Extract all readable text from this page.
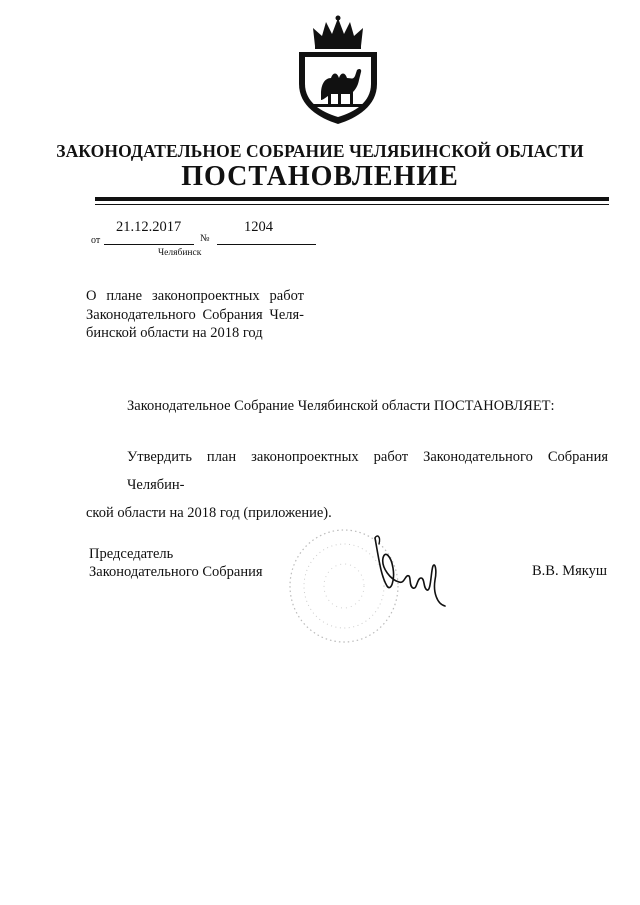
ЗАКОНОДАТЕЛЬНОЕ СОБРАНИЕ ЧЕЛЯБИНСКОЙ ОБЛАСТИ
ПОСТАНОВЛЕНИЕ
21.12.2017	1204
от	№
Челябинск
О плане законопроектных работ
Законодательного Собрания Челя-
бинской области на 2018 год
Законодательное Собрание Челябинской области ПОСТАНОВЛЯЕТ:
Утвердить план законопроектных работ Законодательного Собрания Челябин-
ской области на 2018 год (приложение).
Председатель
Законодательного Собрания	В.В. Мякуш
